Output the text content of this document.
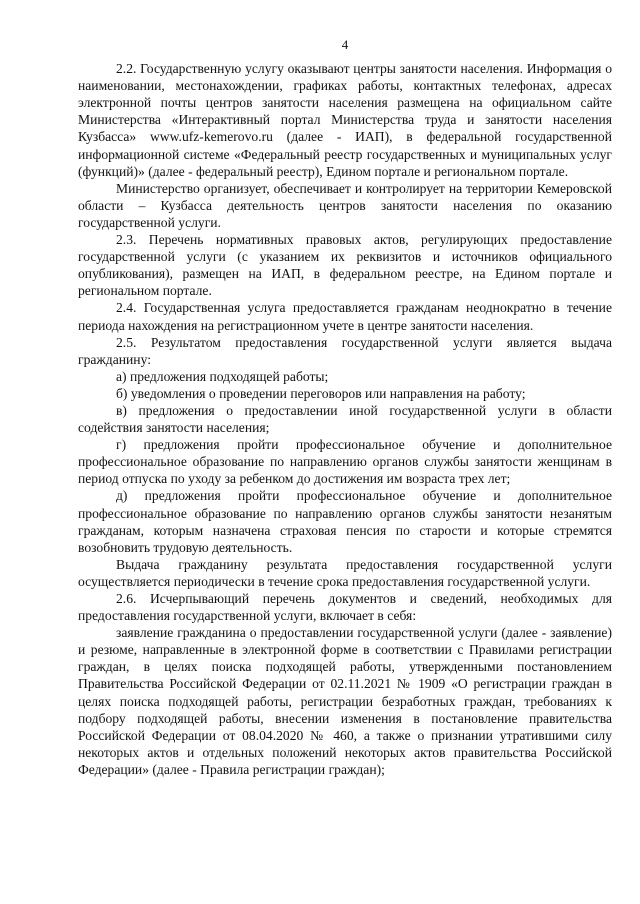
4

2.2. Государственную услугу оказывают центры занятости населения. Информация о наименовании, местонахождении, графиках работы, контактных телефонах, адресах электронной почты центров занятости населения размещена на официальном сайте Министерства «Интерактивный портал Министерства труда и занятости населения Кузбасса» www.ufz-kemerovo.ru (далее - ИАП), в федеральной государственной информационной системе «Федеральный реестр государственных и муниципальных услуг (функций)» (далее - федеральный реестр), Едином портале и региональном портале.

Министерство организует, обеспечивает и контролирует на территории Кемеровской области – Кузбасса деятельность центров занятости населения по оказанию государственной услуги.

2.3. Перечень нормативных правовых актов, регулирующих предоставление государственной услуги (с указанием их реквизитов и источников официального опубликования), размещен на ИАП, в федеральном реестре, на Едином портале и региональном портале.

2.4. Государственная услуга предоставляется гражданам неоднократно в течение периода нахождения на регистрационном учете в центре занятости населения.

2.5. Результатом предоставления государственной услуги является выдача гражданину:

а) предложения подходящей работы;

б) уведомления о проведении переговоров или направления на работу;

в) предложения о предоставлении иной государственной услуги в области содействия занятости населения;

г) предложения пройти профессиональное обучение и дополнительное профессиональное образование по направлению органов службы занятости женщинам в период отпуска по уходу за ребенком до достижения им возраста трех лет;

д) предложения пройти профессиональное обучение и дополнительное профессиональное образование по направлению органов службы занятости незанятым гражданам, которым назначена страховая пенсия по старости и которые стремятся возобновить трудовую деятельность.

Выдача гражданину результата предоставления государственной услуги осуществляется периодически в течение срока предоставления государственной услуги.

2.6. Исчерпывающий перечень документов и сведений, необходимых для предоставления государственной услуги, включает в себя:

заявление гражданина о предоставлении государственной услуги (далее - заявление) и резюме, направленные в электронной форме в соответствии с Правилами регистрации граждан, в целях поиска подходящей работы, утвержденными постановлением Правительства Российской Федерации от 02.11.2021 № 1909 «О регистрации граждан в целях поиска подходящей работы, регистрации безработных граждан, требованиях к подбору подходящей работы, внесении изменения в постановление правительства Российской Федерации от 08.04.2020 № 460, а также о признании утратившими силу некоторых актов и отдельных положений некоторых актов правительства Российской Федерации» (далее - Правила регистрации граждан);
